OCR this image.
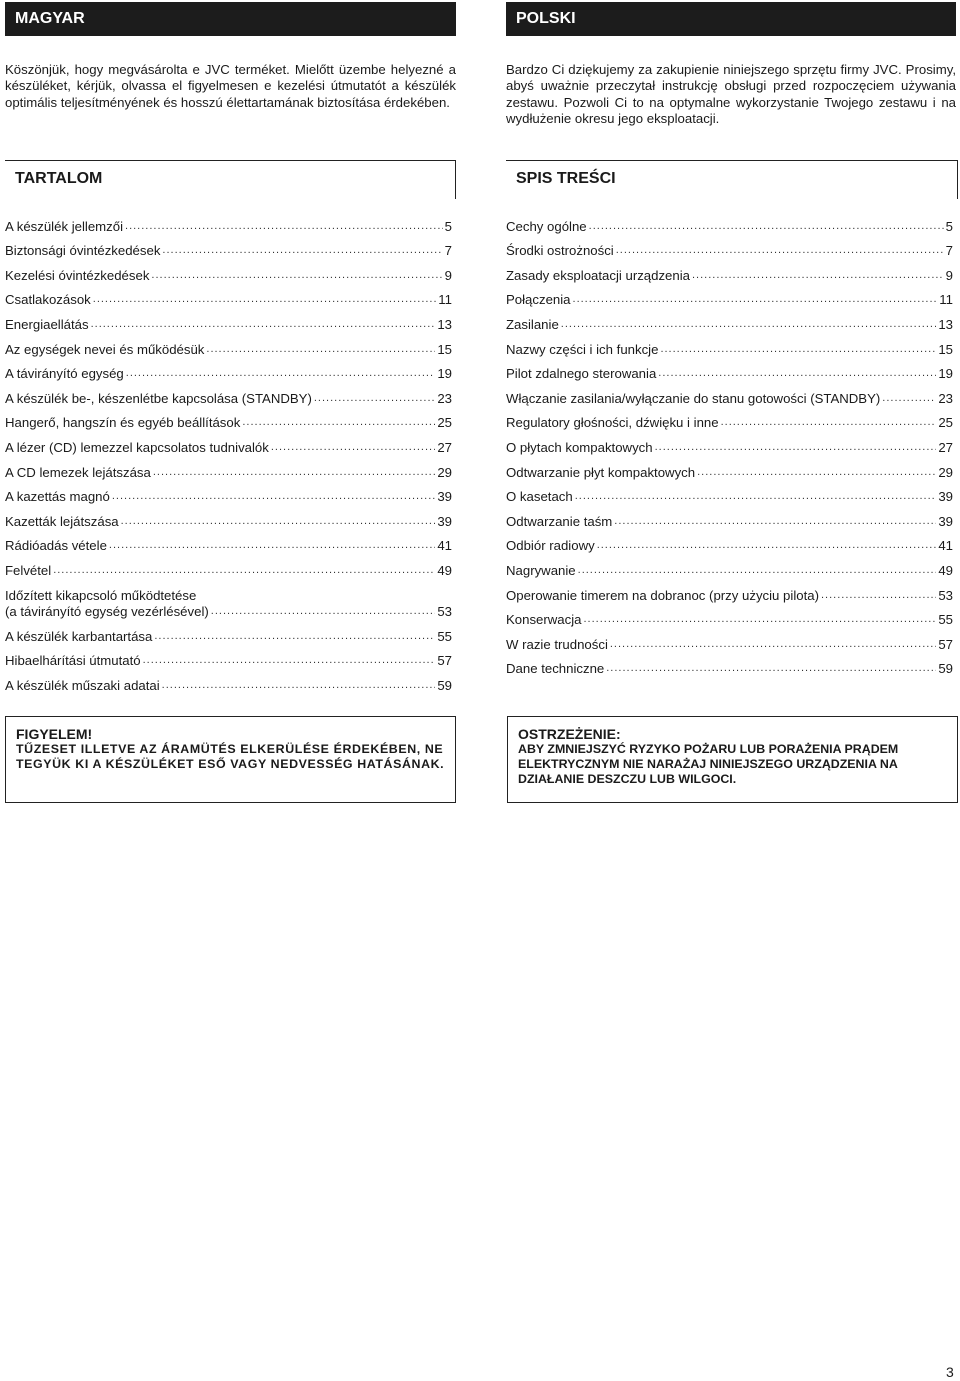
MAGYAR	POLSKI

Köszönjük, hogy megvásárolta e JVC terméket. Mielőtt üzembe helyezné a készüléket, kérjük, olvassa el figyelmesen e kezelési útmutatót a készülék optimális teljesítményének és hosszú élettartamának biztosítása érdekében.

Bardzo Ci dziękujemy za zakupienie niniejszego sprzętu firmy JVC. Prosimy, abyś uważnie przeczytał instrukcję obsługi przed rozpoczęciem używania zestawu. Pozwoli Ci to na optymalne wykorzystanie Twojego zestawu i na wydłużenie okresu jego eksploatacji.

TARTALOM	SPIS TREŚCI
A készülék jellemzői .....	5
Biztonsági óvintézkedések .....	7
Kezelési óvintézkedések .....	9
Csatlakozások .....	11
Energiaellátás .....	13
Az egységek nevei és működésük .....	15
A távirányító egység .....	19
A készülék be-, készenlétbe kapcsolása (STANDBY) .....	23
Hangerő, hangszín és egyéb beállítások .....	25
A lézer (CD) lemezzel kapcsolatos tudnivalók .....	27
A CD lemezek lejátszása .....	29
A kazettás magnó .....	39
Kazetták lejátszása .....	39
Rádióadás vétele .....	41
Felvétel .....	49
Időzített kikapcsoló működtetése
(a távirányító egység vezérlésével) .....	53
A készülék karbantartása .....	55
Hibaelhárítási útmutató .....	57
A készülék műszaki adatai .....	59
Cechy ogólne .....	5
Środki ostrożności .....	7
Zasady eksploatacji urządzenia .....	9
Połączenia .....	11
Zasilanie .....	13
Nazwy części i ich funkcje .....	15
Pilot zdalnego sterowania .....	19
Włączanie zasilania/wyłączanie do stanu gotowości (STANDBY) .....	23
Regulatory głośności, dźwięku i inne .....	25
O płytach kompaktowych .....	27
Odtwarzanie płyt kompaktowych .....	29
O kasetach .....	39
Odtwarzanie taśm .....	39
Odbiór radiowy .....	41
Nagrywanie .....	49
Operowanie timerem na dobranoc (przy użyciu pilota) .....	53
Konserwacja .....	55
W razie trudności .....	57
Dane techniczne .....	59
FIGYELEM!
TŰZESET ILLETVE AZ ÁRAMÜTÉS ELKERÜLÉSE ÉRDEKÉBEN, NE TEGYÜK KI A KÉSZÜLÉKET ESŐ VAGY NEDVESSÉG HATÁSÁNAK.
OSTRZEŻENIE:
ABY ZMNIEJSZYĆ RYZYKO POŻARU LUB PORAŻENIA PRĄDEM ELEKTRYCZNYM NIE NARAŻAJ NINIEJSZEGO URZĄDZENIA NA DZIAŁANIE DESZCZU LUB WILGOCI.
3
